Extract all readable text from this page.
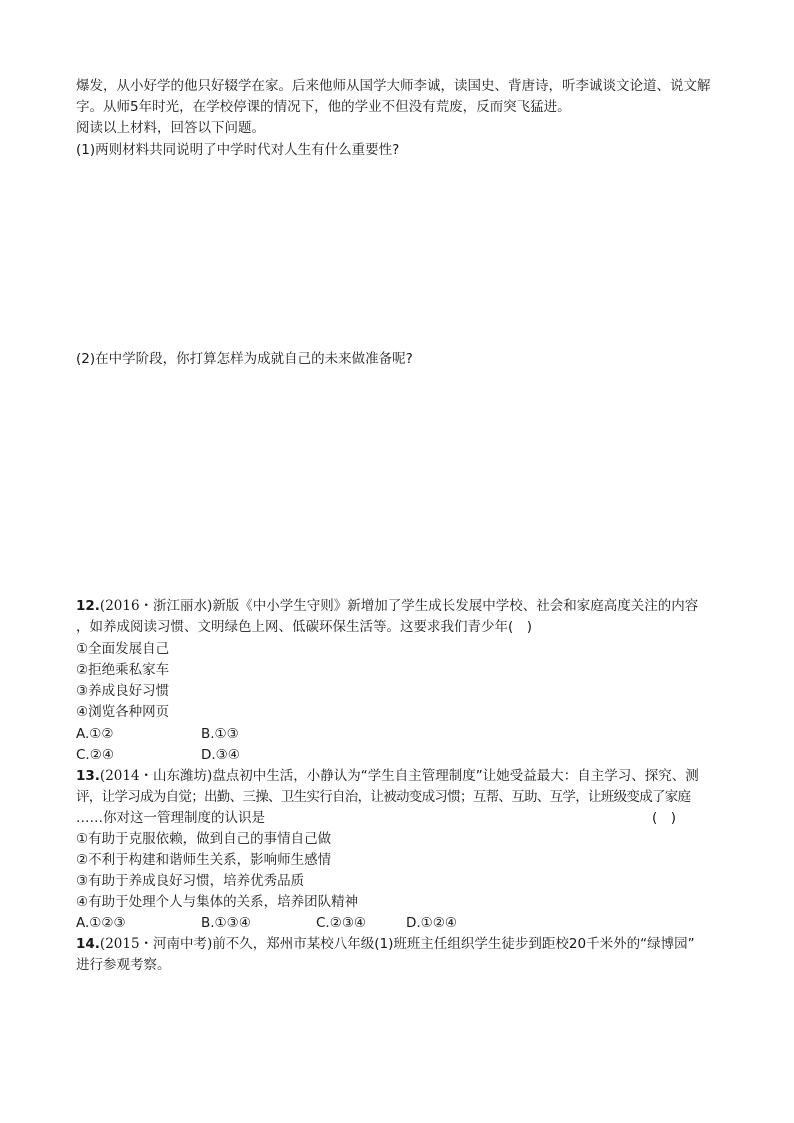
爆发，从小好学的他只好辍学在家。后来他师从国学大师李诚，读国史、背唐诗，听李诚谈文论道、说文解
字。从师5年时光，在学校停课的情况下，他的学业不但没有荒废，反而突飞猛进。
阅读以上材料，回答以下问题。
(1)两则材料共同说明了中学时代对人生有什么重要性?
(2)在中学阶段，你打算怎样为成就自己的未来做准备呢?
12.(2016・浙江丽水)新版《中小学生守则》新增加了学生成长发展中学校、社会和家庭高度关注的内容
，如养成阅读习惯、文明绿色上网、低碳环保生活等。这要求我们青少年(　)
①全面发展自己
②拒绝乘私家车
③养成良好习惯
④浏览各种网页
A.①②	B.①③
C.②④	D.③④
13.(2014・山东潍坊)盘点初中生活，小静认为“学生自主管理制度”让她受益最大：自主学习、探究、测
评，让学习成为自觉；出勤、三操、卫生实行自治，让被动变成习惯；互帮、互助、互学，让班级变成了家庭
……你对这一管理制度的认识是	(　)
①有助于克服依赖，做到自己的事情自己做
②不利于构建和谐师生关系，影响师生感情
③有助于养成良好习惯，培养优秀品质
④有助于处理个人与集体的关系，培养团队精神
A.①②③	B.①③④	C.②③④	D.①②④
14.(2015・河南中考)前不久，郑州市某校八年级(1)班班主任组织学生徒步到距校20千米外的“绿博园”
进行参观考察。
